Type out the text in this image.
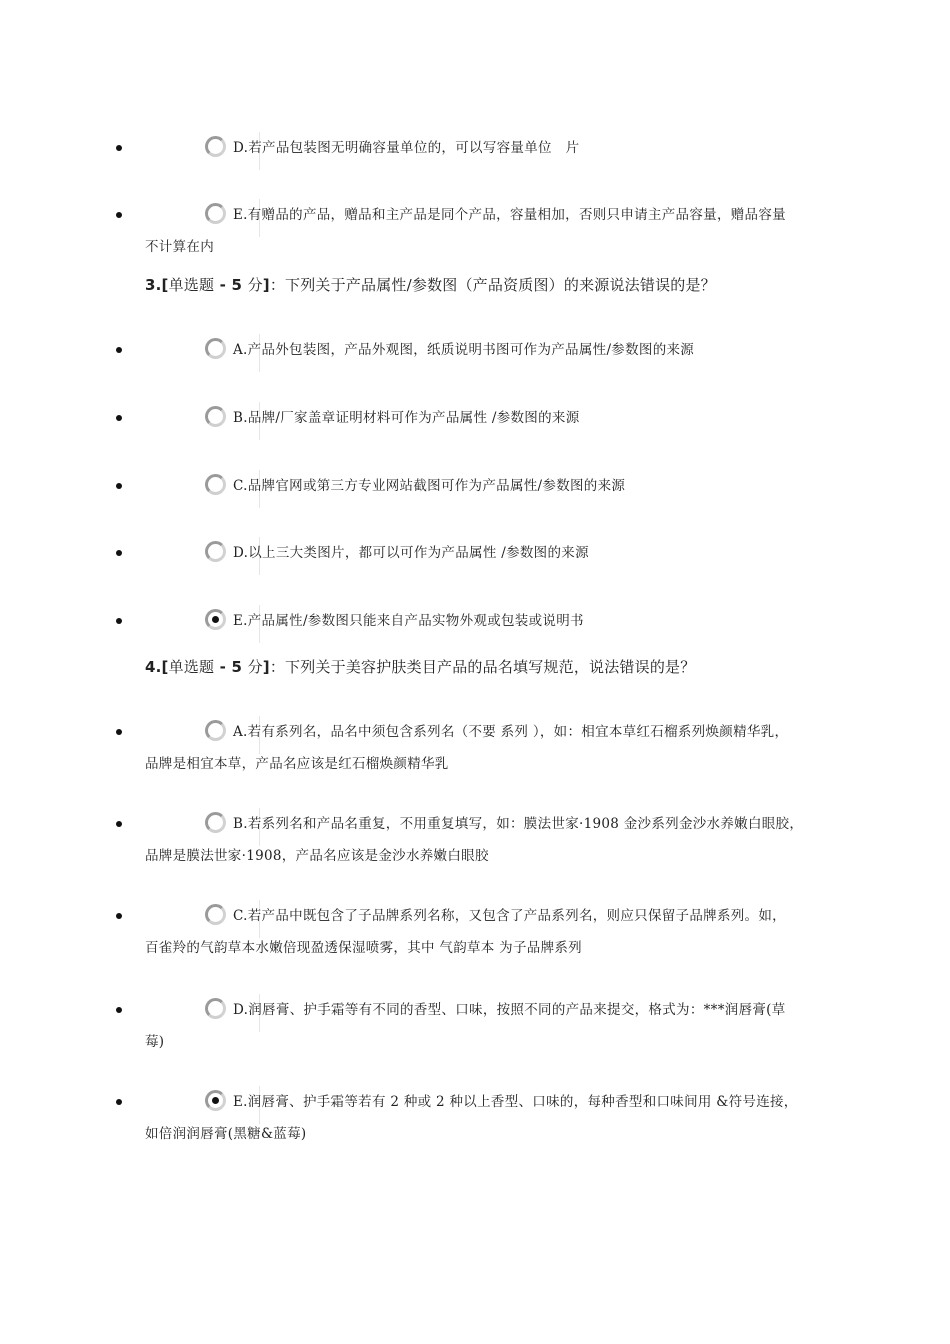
D.若产品包装图无明确容量单位的，可以写容量单位　片
E.有赠品的产品，赠品和主产品是同个产品，容量相加，否则只申请主产品容量，赠品容量
不计算在内
3.[单选题 - 5 分]：下列关于产品属性/参数图（产品资质图）的来源说法错误的是？
A.产品外包装图，产品外观图，纸质说明书图可作为产品属性/参数图的来源
B.品牌/厂家盖章证明材料可作为产品属性 /参数图的来源
C.品牌官网或第三方专业网站截图可作为产品属性/参数图的来源
D.以上三大类图片，都可以可作为产品属性 /参数图的来源
E.产品属性/参数图只能来自产品实物外观或包装或说明书
4.[单选题 - 5 分]：下列关于美容护肤类目产品的品名填写规范，说法错误的是？
A.若有系列名，品名中须包含系列名（不要 系列 ），如：相宜本草红石榴系列焕颜精华乳，
品牌是相宜本草，产品名应该是红石榴焕颜精华乳
B.若系列名和产品名重复，不用重复填写，如：膜法世家·1908 金沙系列金沙水养嫩白眼胶，
品牌是膜法世家·1908，产品名应该是金沙水养嫩白眼胶
C.若产品中既包含了子品牌系列名称，又包含了产品系列名，则应只保留子品牌系列。如，
百雀羚的气韵草本水嫩倍现盈透保湿喷雾，其中 气韵草本 为子品牌系列
D.润唇膏、护手霜等有不同的香型、口味，按照不同的产品来提交，格式为：***润唇膏(草
莓)
E.润唇膏、护手霜等若有 2 种或 2 种以上香型、口味的，每种香型和口味间用 &符号连接，
如倍润润唇膏(黑糖&蓝莓)
